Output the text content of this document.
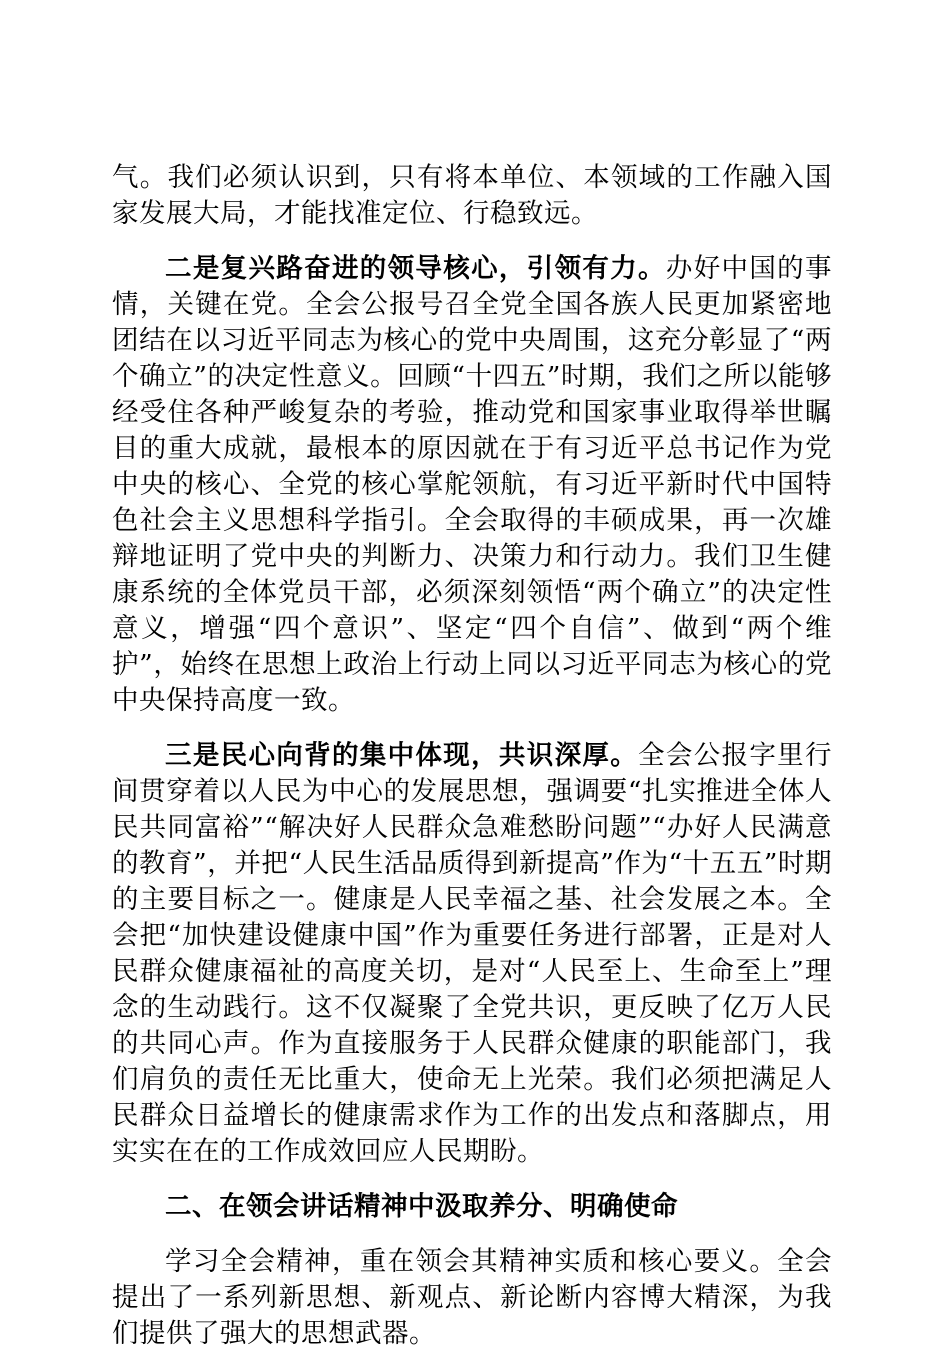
气。我们必须认识到，只有将本单位、本领域的工作融入国家发展大局，才能找准定位、行稳致远。

二是复兴路奋进的领导核心，引领有力。办好中国的事情，关键在党。全会公报号召全党全国各族人民更加紧密地团结在以习近平同志为核心的党中央周围，这充分彰显了“两个确立”的决定性意义。回顾“十四五”时期，我们之所以能够经受住各种严峻复杂的考验，推动党和国家事业取得举世瞩目的重大成就，最根本的原因就在于有习近平总书记作为党中央的核心、全党的核心掌舵领航，有习近平新时代中国特色社会主义思想科学指引。全会取得的丰硕成果，再一次雄辩地证明了党中央的判断力、决策力和行动力。我们卫生健康系统的全体党员干部，必须深刻领悟“两个确立”的决定性意义，增强“四个意识”、坚定“四个自信”、做到“两个维护”，始终在思想上政治上行动上同以习近平同志为核心的党中央保持高度一致。

三是民心向背的集中体现，共识深厚。全会公报字里行间贯穿着以人民为中心的发展思想，强调要“扎实推进全体人民共同富裕”“解决好人民群众急难愁盼问题”“办好人民满意的教育”，并把“人民生活品质得到新提高”作为“十五五”时期的主要目标之一。健康是人民幸福之基、社会发展之本。全会把“加快建设健康中国”作为重要任务进行部署，正是对人民群众健康福祉的高度关切，是对“人民至上、生命至上”理念的生动践行。这不仅凝聚了全党共识，更反映了亿万人民的共同心声。作为直接服务于人民群众健康的职能部门，我们肩负的责任无比重大，使命无上光荣。我们必须把满足人民群众日益增长的健康需求作为工作的出发点和落脚点，用实实在在的工作成效回应人民期盼。

二、在领会讲话精神中汲取养分、明确使命

学习全会精神，重在领会其精神实质和核心要义。全会提出了一系列新思想、新观点、新论断内容博大精深，为我们提供了强大的思想武器。
